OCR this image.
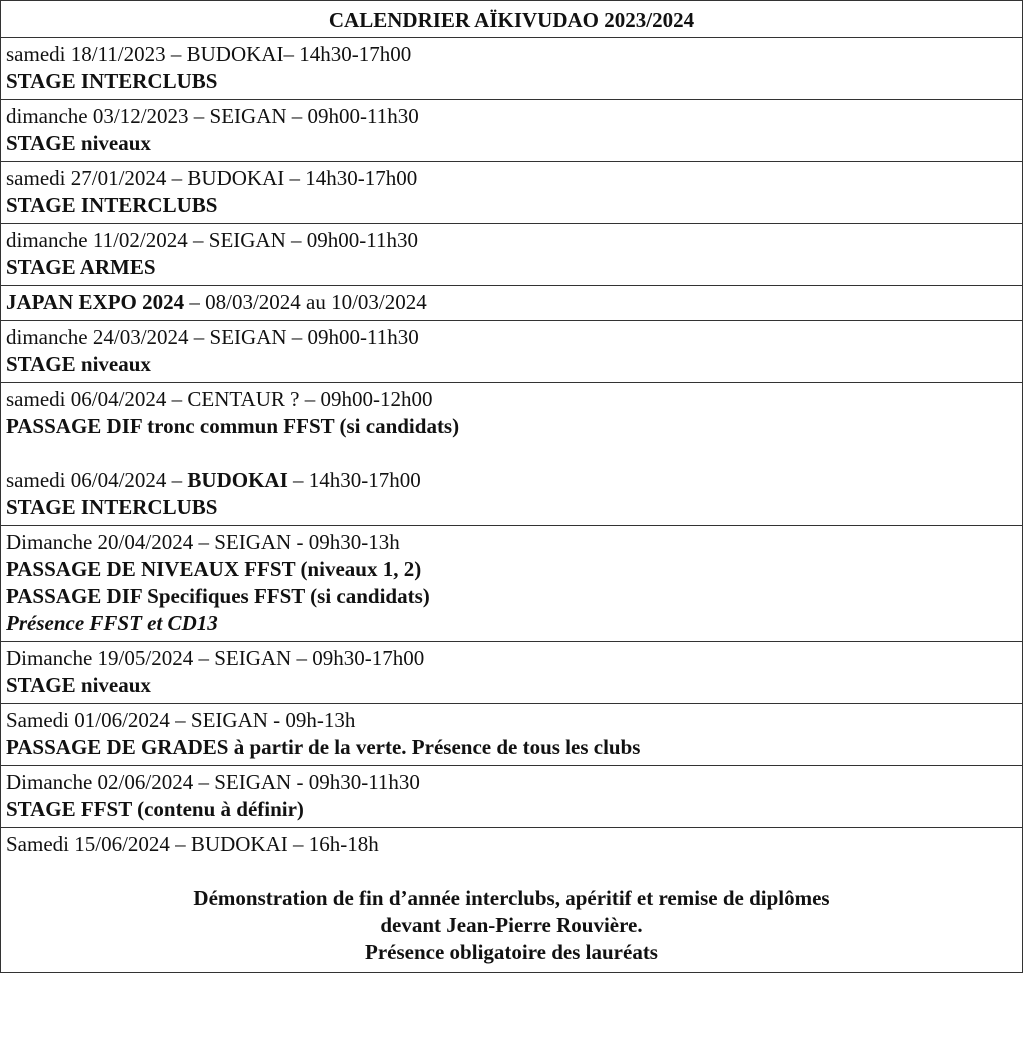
CALENDRIER AÏKIVUDAO 2023/2024

samedi 18/11/2023 – BUDOKAI– 14h30-17h00
STAGE INTERCLUBS

dimanche 03/12/2023 – SEIGAN – 09h00-11h30
STAGE niveaux

samedi 27/01/2024 – BUDOKAI – 14h30-17h00
STAGE INTERCLUBS

dimanche 11/02/2024 – SEIGAN – 09h00-11h30
STAGE ARMES

JAPAN EXPO 2024 – 08/03/2024 au 10/03/2024

dimanche 24/03/2024 – SEIGAN – 09h00-11h30
STAGE niveaux

samedi 06/04/2024 – CENTAUR ? – 09h00-12h00
PASSAGE DIF tronc commun FFST (si candidats)
samedi 06/04/2024 – BUDOKAI – 14h30-17h00
STAGE INTERCLUBS

Dimanche 20/04/2024 – SEIGAN - 09h30-13h
PASSAGE DE NIVEAUX FFST (niveaux 1, 2)
PASSAGE DIF Specifiques FFST (si candidats)
Présence FFST et CD13

Dimanche 19/05/2024 – SEIGAN – 09h30-17h00
STAGE niveaux

Samedi 01/06/2024 – SEIGAN - 09h-13h
PASSAGE DE GRADES à partir de la verte. Présence de tous les clubs

Dimanche 02/06/2024 – SEIGAN - 09h30-11h30
STAGE FFST (contenu à définir)

Samedi 15/06/2024 – BUDOKAI – 16h-18h
Démonstration de fin d’année interclubs, apéritif et remise de diplômes
devant Jean-Pierre Rouvière.
Présence obligatoire des lauréats
